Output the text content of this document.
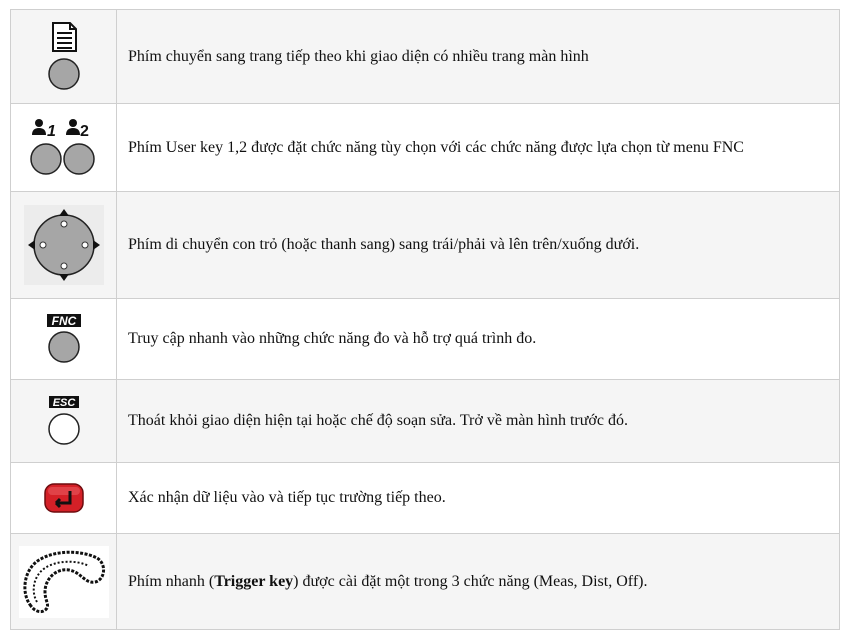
	Phím chuyển sang trang tiếp theo khi giao diện có nhiều trang màn hình

1 2	Phím User key 1,2 được đặt chức năng tùy chọn với các chức năng được lựa chọn từ menu FNC

	Phím di chuyển con trỏ (hoặc thanh sang) sang trái/phải và lên trên/xuống dưới.

FNC	Truy cập nhanh vào những chức năng đo và hỗ trợ quá trình đo.

ESC	Thoát khỏi giao diện hiện tại hoặc chế độ soạn sửa. Trở về màn hình trước đó.

	Xác nhận dữ liệu vào và tiếp tục trường tiếp theo.

	Phím nhanh (Trigger key) được cài đặt một trong 3 chức năng (Meas, Dist, Off).
